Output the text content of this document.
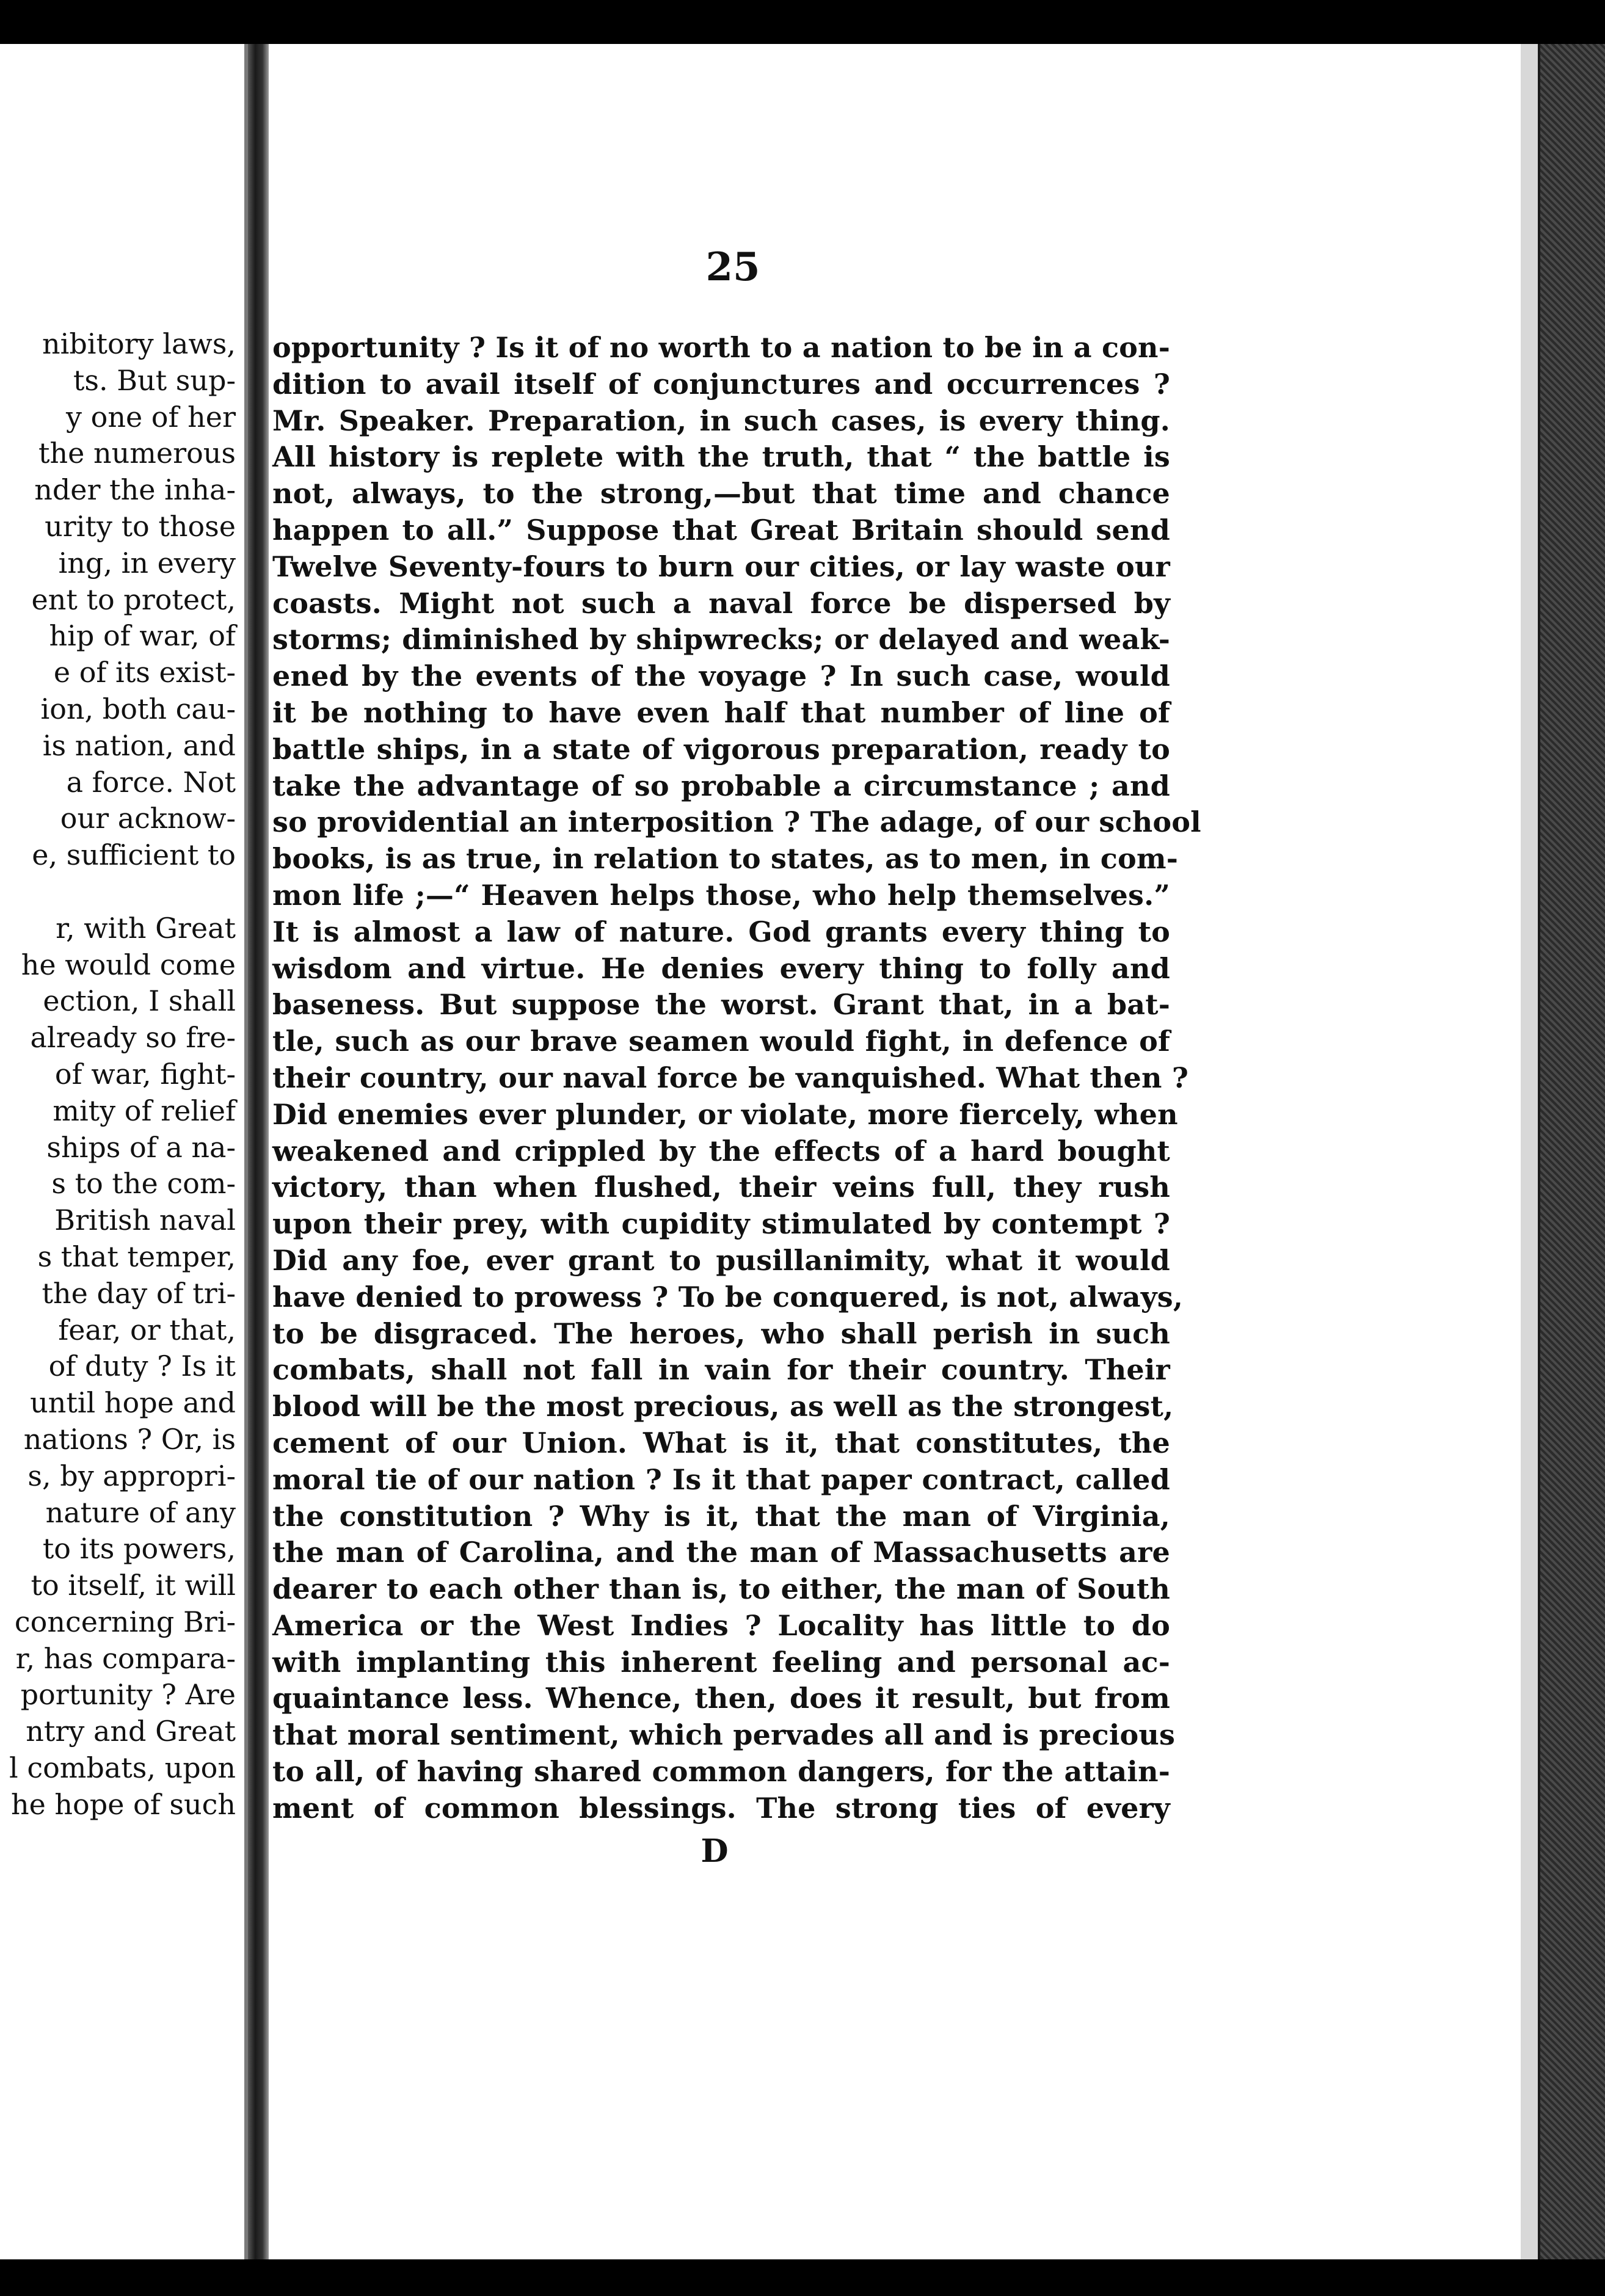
nibitory laws,
ts. But sup-
y one of her
the numerous
nder the inha-
urity to those
ing, in every
ent to protect,
hip of war, of
e of its exist-
ion, both cau-
is nation, and
a force. Not
our acknow-
e, sufficient to
r, with Great
he would come
ection, I shall
already so fre-
of war, fight-
mity of relief
ships of a na-
s to the com-
British naval
s that temper,
the day of tri-
fear, or that,
of duty ? Is it
until hope and
nations ? Or, is
s, by appropri-
nature of any
to its powers,
to itself, it will
concerning Bri-
r, has compara-
portunity ? Are
ntry and Great
l combats, upon
he hope of such
25
opportunity ? Is it of no worth to a nation to be in a con-
dition to avail itself of conjunctures and occurrences ?
Mr. Speaker. Preparation, in such cases, is every thing.
All history is replete with the truth, that “ the battle is
not, always, to the strong,—but that time and chance
happen to all.” Suppose that Great Britain should send
Twelve Seventy-fours to burn our cities, or lay waste our
coasts. Might not such a naval force be dispersed by
storms; diminished by shipwrecks; or delayed and weak-
ened by the events of the voyage ? In such case, would
it be nothing to have even half that number of line of
battle ships, in a state of vigorous preparation, ready to
take the advantage of so probable a circumstance ; and
so providential an interposition ? The adage, of our school
books, is as true, in relation to states, as to men, in com-
mon life ;—“ Heaven helps those, who help themselves.”
It is almost a law of nature. God grants every thing to
wisdom and virtue. He denies every thing to folly and
baseness. But suppose the worst. Grant that, in a bat-
tle, such as our brave seamen would fight, in defence of
their country, our naval force be vanquished. What then ?
Did enemies ever plunder, or violate, more fiercely, when
weakened and crippled by the effects of a hard bought
victory, than when flushed, their veins full, they rush
upon their prey, with cupidity stimulated by contempt ?
Did any foe, ever grant to pusillanimity, what it would
have denied to prowess ? To be conquered, is not, always,
to be disgraced. The heroes, who shall perish in such
combats, shall not fall in vain for their country. Their
blood will be the most precious, as well as the strongest,
cement of our Union. What is it, that constitutes, the
moral tie of our nation ? Is it that paper contract, called
the constitution ? Why is it, that the man of Virginia,
the man of Carolina, and the man of Massachusetts are
dearer to each other than is, to either, the man of South
America or the West Indies ? Locality has little to do
with implanting this inherent feeling and personal ac-
quaintance less. Whence, then, does it result, but from
that moral sentiment, which pervades all and is precious
to all, of having shared common dangers, for the attain-
ment of common blessings. The strong ties of every
D
